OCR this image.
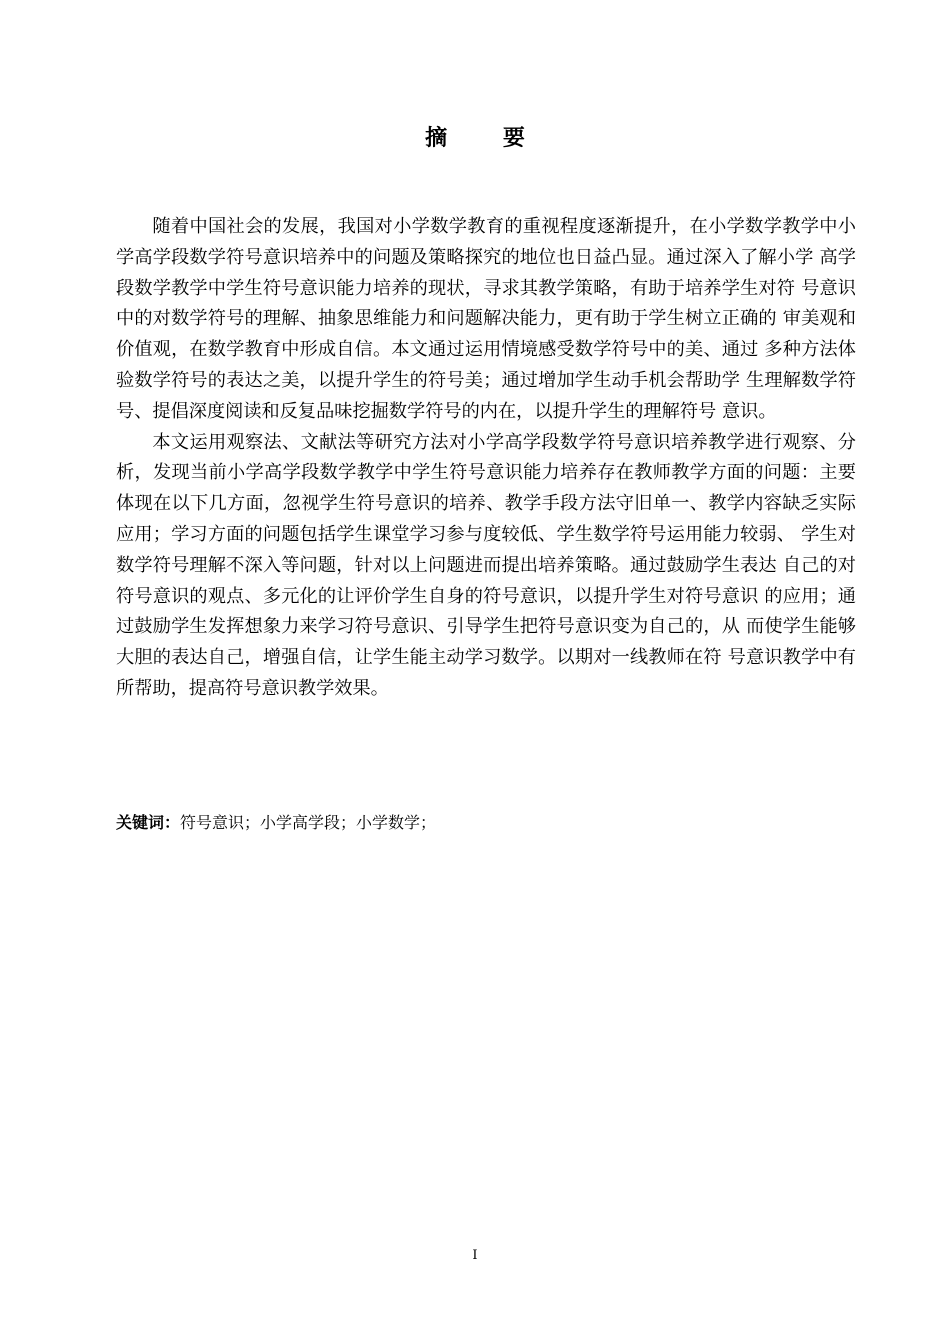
摘 要

随着中国社会的发展，我国对小学数学教育的重视程度逐渐提升，在小学数学教学中小学高学段数学符号意识培养中的问题及策略探究的地位也日益凸显。通过深入了解小学 高学段数学教学中学生符号意识能力培养的现状，寻求其教学策略，有助于培养学生对符 号意识中的对数学符号的理解、抽象思维能力和问题解决能力，更有助于学生树立正确的 审美观和价值观，在数学教育中形成自信。本文通过运用情境感受数学符号中的美、通过 多种方法体验数学符号的表达之美，以提升学生的符号美；通过增加学生动手机会帮助学 生理解数学符号、提倡深度阅读和反复品味挖掘数学符号的内在，以提升学生的理解符号 意识。

本文运用观察法、文献法等研究方法对小学高学段数学符号意识培养教学进行观察、分析，发现当前小学高学段数学教学中学生符号意识能力培养存在教师教学方面的问题：主要体现在以下几方面，忽视学生符号意识的培养、教学手段方法守旧单一、教学内容缺乏实际应用；学习方面的问题包括学生课堂学习参与度较低、学生数学符号运用能力较弱、 学生对数学符号理解不深入等问题，针对以上问题进而提出培养策略。通过鼓励学生表达 自己的对符号意识的观点、多元化的让评价学生自身的符号意识，以提升学生对符号意识 的应用；通过鼓励学生发挥想象力来学习符号意识、引导学生把符号意识变为自己的，从 而使学生能够大胆的表达自己，增强自信，让学生能主动学习数学。以期对一线教师在符 号意识教学中有所帮助，提高符号意识教学效果。

关键词：符号意识；小学高学段；小学数学；
I
